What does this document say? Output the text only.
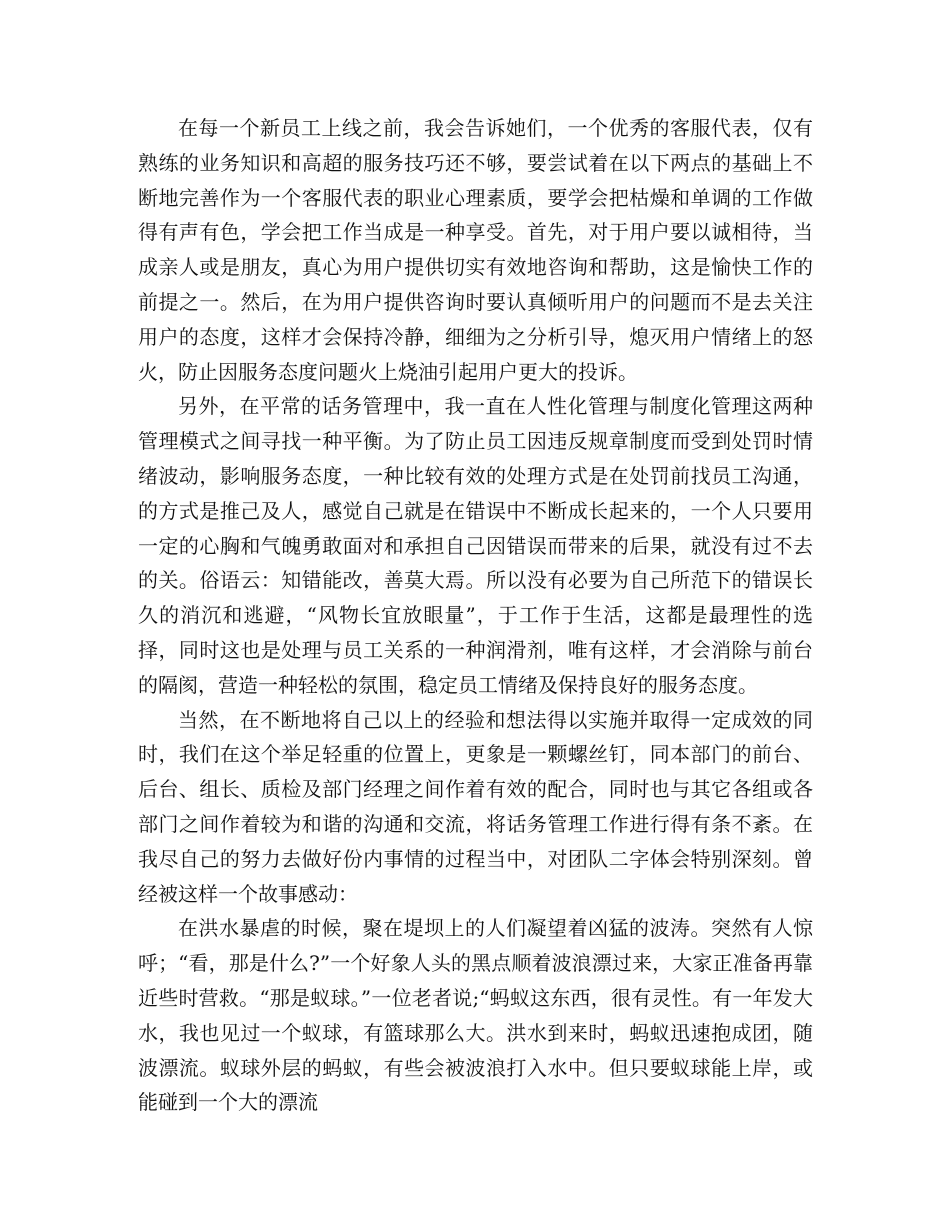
在每一个新员工上线之前，我会告诉她们，一个优秀的客服代表，仅有熟练的业务知识和高超的服务技巧还不够，要尝试着在以下两点的基础上不断地完善作为一个客服代表的职业心理素质，要学会把枯燥和单调的工作做得有声有色，学会把工作当成是一种享受。首先，对于用户要以诚相待，当成亲人或是朋友，真心为用户提供切实有效地咨询和帮助，这是愉快工作的前提之一。然后，在为用户提供咨询时要认真倾听用户的问题而不是去关注用户的态度，这样才会保持冷静，细细为之分析引导，熄灭用户情绪上的怒火，防止因服务态度问题火上烧油引起用户更大的投诉。

另外，在平常的话务管理中，我一直在人性化管理与制度化管理这两种管理模式之间寻找一种平衡。为了防止员工因违反规章制度而受到处罚时情绪波动，影响服务态度，一种比较有效的处理方式是在处罚前找员工沟通，的方式是推己及人，感觉自己就是在错误中不断成长起来的，一个人只要用一定的心胸和气魄勇敢面对和承担自己因错误而带来的后果，就没有过不去的关。俗语云：知错能改，善莫大焉。所以没有必要为自己所范下的错误长久的消沉和逃避，“风物长宜放眼量”，于工作于生活，这都是最理性的选择，同时这也是处理与员工关系的一种润滑剂，唯有这样，才会消除与前台的隔阂，营造一种轻松的氛围，稳定员工情绪及保持良好的服务态度。

当然，在不断地将自己以上的经验和想法得以实施并取得一定成效的同时，我们在这个举足轻重的位置上，更象是一颗螺丝钉，同本部门的前台、后台、组长、质检及部门经理之间作着有效的配合，同时也与其它各组或各部门之间作着较为和谐的沟通和交流，将话务管理工作进行得有条不紊。在我尽自己的努力去做好份内事情的过程当中，对团队二字体会特别深刻。曾经被这样一个故事感动：

在洪水暴虐的时候，聚在堤坝上的人们凝望着凶猛的波涛。突然有人惊呼；“看，那是什么?”一个好象人头的黑点顺着波浪漂过来，大家正准备再靠近些时营救。“那是蚁球。”一位老者说;“蚂蚁这东西，很有灵性。有一年发大水，我也见过一个蚁球，有篮球那么大。洪水到来时，蚂蚁迅速抱成团，随波漂流。蚁球外层的蚂蚁，有些会被波浪打入水中。但只要蚁球能上岸，或能碰到一个大的漂流
